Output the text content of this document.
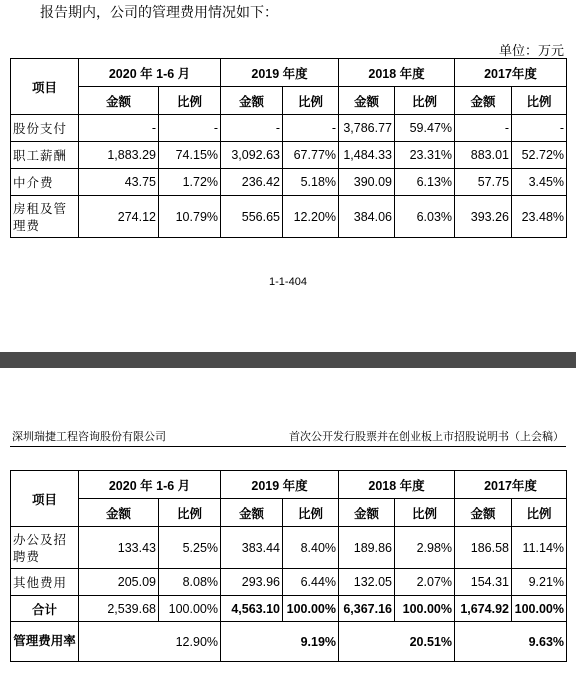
报告期内，公司的管理费用情况如下：
单位：万元
项目	2020 年 1-6 月		2019 年度		2018 年度		2017年度	
	金额	比例	金额	比例	金额	比例	金额	比例
股份支付	-	-	-	-	3,786.77	59.47%	-	-
职工薪酬	1,883.29	74.15%	3,092.63	67.77%	1,484.33	23.31%	883.01	52.72%
中介费	43.75	1.72%	236.42	5.18%	390.09	6.13%	57.75	3.45%
房租及管理费	274.12	10.79%	556.65	12.20%	384.06	6.03%	393.26	23.48%
1-1-404
深圳瑞捷工程咨询股份有限公司	首次公开发行股票并在创业板上市招股说明书（上会稿）
项目	2020 年 1-6 月		2019 年度		2018 年度		2017年度	
	金额	比例	金额	比例	金额	比例	金额	比例
办公及招聘费	133.43	5.25%	383.44	8.40%	189.86	2.98%	186.58	11.14%
其他费用	205.09	8.08%	293.96	6.44%	132.05	2.07%	154.31	9.21%
合计	2,539.68	100.00%	4,563.10	100.00%	6,367.16	100.00%	1,674.92	100.00%
管理费用率	12.90%		9.19%		20.51%		9.63%	
